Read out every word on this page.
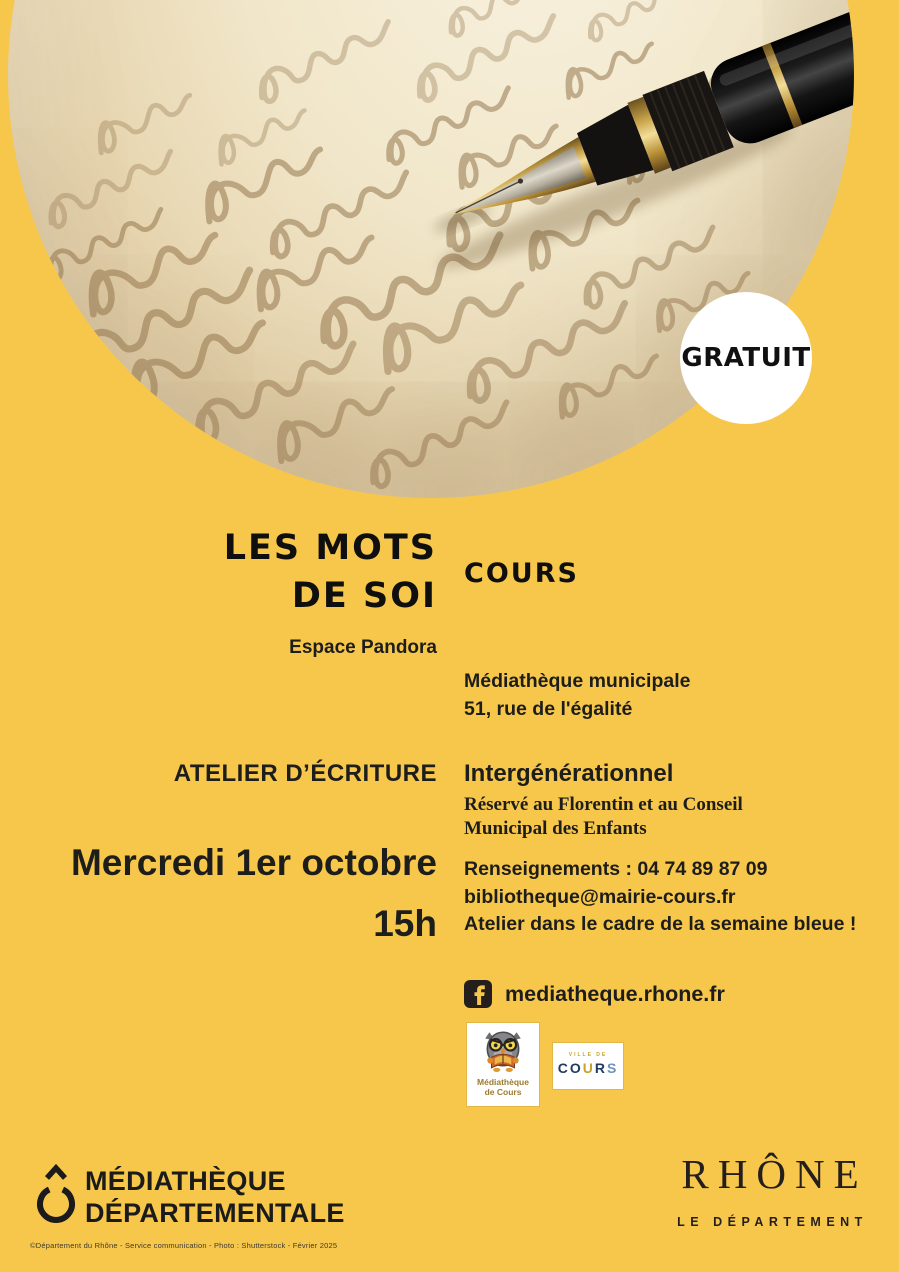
GRATUIT
LES MOTS
DE SOI
COURS
Espace Pandora
Médiathèque municipale
51, rue de l'égalité
ATELIER D’ÉCRITURE Intergénérationnel
Réservé au Florentin et au Conseil
Municipal des Enfants
Mercredi 1er octobre
15h
Renseignements : 04 74 89 87 09
bibliotheque@mairie-cours.fr
Atelier dans le cadre de la semaine bleue !
mediatheque.rhone.fr
Médiathèque
de Cours
VILLE DE
COURS
MÉDIATHÈQUE
DÉPARTEMENTALE
©Département du Rhône - Service communication - Photo : Shutterstock - Février 2025
RHÔNE
LE DÉPARTEMENT
